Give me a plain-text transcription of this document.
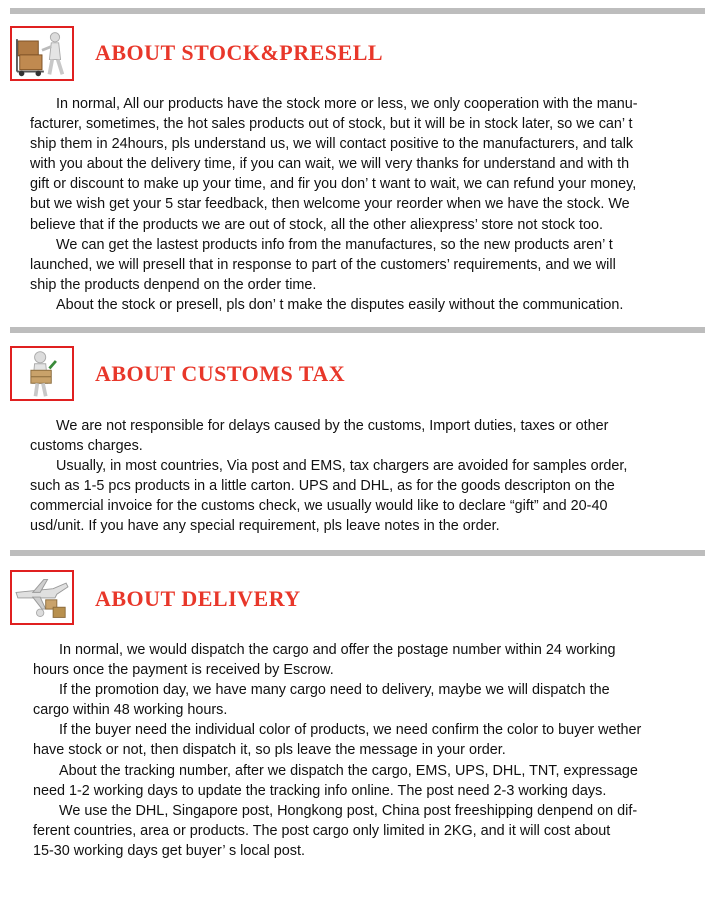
ABOUT STOCK&PRESELL

In normal, All our products have the stock more or less, we only cooperation with the manu-
facturer, sometimes, the hot sales products out of stock, but it will be in stock later, so we can’ t
ship them in 24hours, pls understand us, we will contact positive to the manufacturers, and talk
with you about the delivery time, if you can wait, we will very thanks for understand and with th
gift or discount to make up your time, and fir you don’ t want to wait, we can refund your money,
but we wish get your 5 star feedback, then welcome your reorder when we have the stock. We
believe that if the products we are out of stock, all the other aliexpress’ store not stock too.

We can get the lastest products info from the manufactures, so the new products aren’ t
launched, we will presell that in response to part of the customers’ requirements, and we will
ship the products denpend on the order time.

About the stock or presell, pls don’ t make the disputes easily without the communication.

ABOUT CUSTOMS TAX

We are not responsible for delays caused by the customs, Import duties, taxes or other
customs charges.

Usually, in most countries, Via post and EMS, tax chargers are avoided for samples order,
such as 1-5 pcs products in a little carton. UPS and DHL, as for the goods descripton on the
commercial invoice for the customs check, we usually would like to declare “gift” and 20-40
usd/unit. If you have any special requirement, pls leave notes in the order.

ABOUT DELIVERY

In normal, we would dispatch the cargo and offer the postage number within 24 working
hours once the payment is received by Escrow.

If the promotion day, we have many cargo need to delivery, maybe we will dispatch the
cargo within 48 working hours.

If the buyer need the individual color of products, we need confirm the color to buyer wether
have stock or not, then dispatch it, so pls leave the message in your order.

About the tracking number, after we dispatch the cargo, EMS, UPS, DHL, TNT, expressage
need 1-2 working days to update the tracking info online. The post need 2-3 working days.

We use the DHL, Singapore post, Hongkong post, China post freeshipping denpend on dif-
ferent countries, area or products. The post cargo only limited in 2KG, and it will cost about
15-30 working days get buyer’ s local post.
